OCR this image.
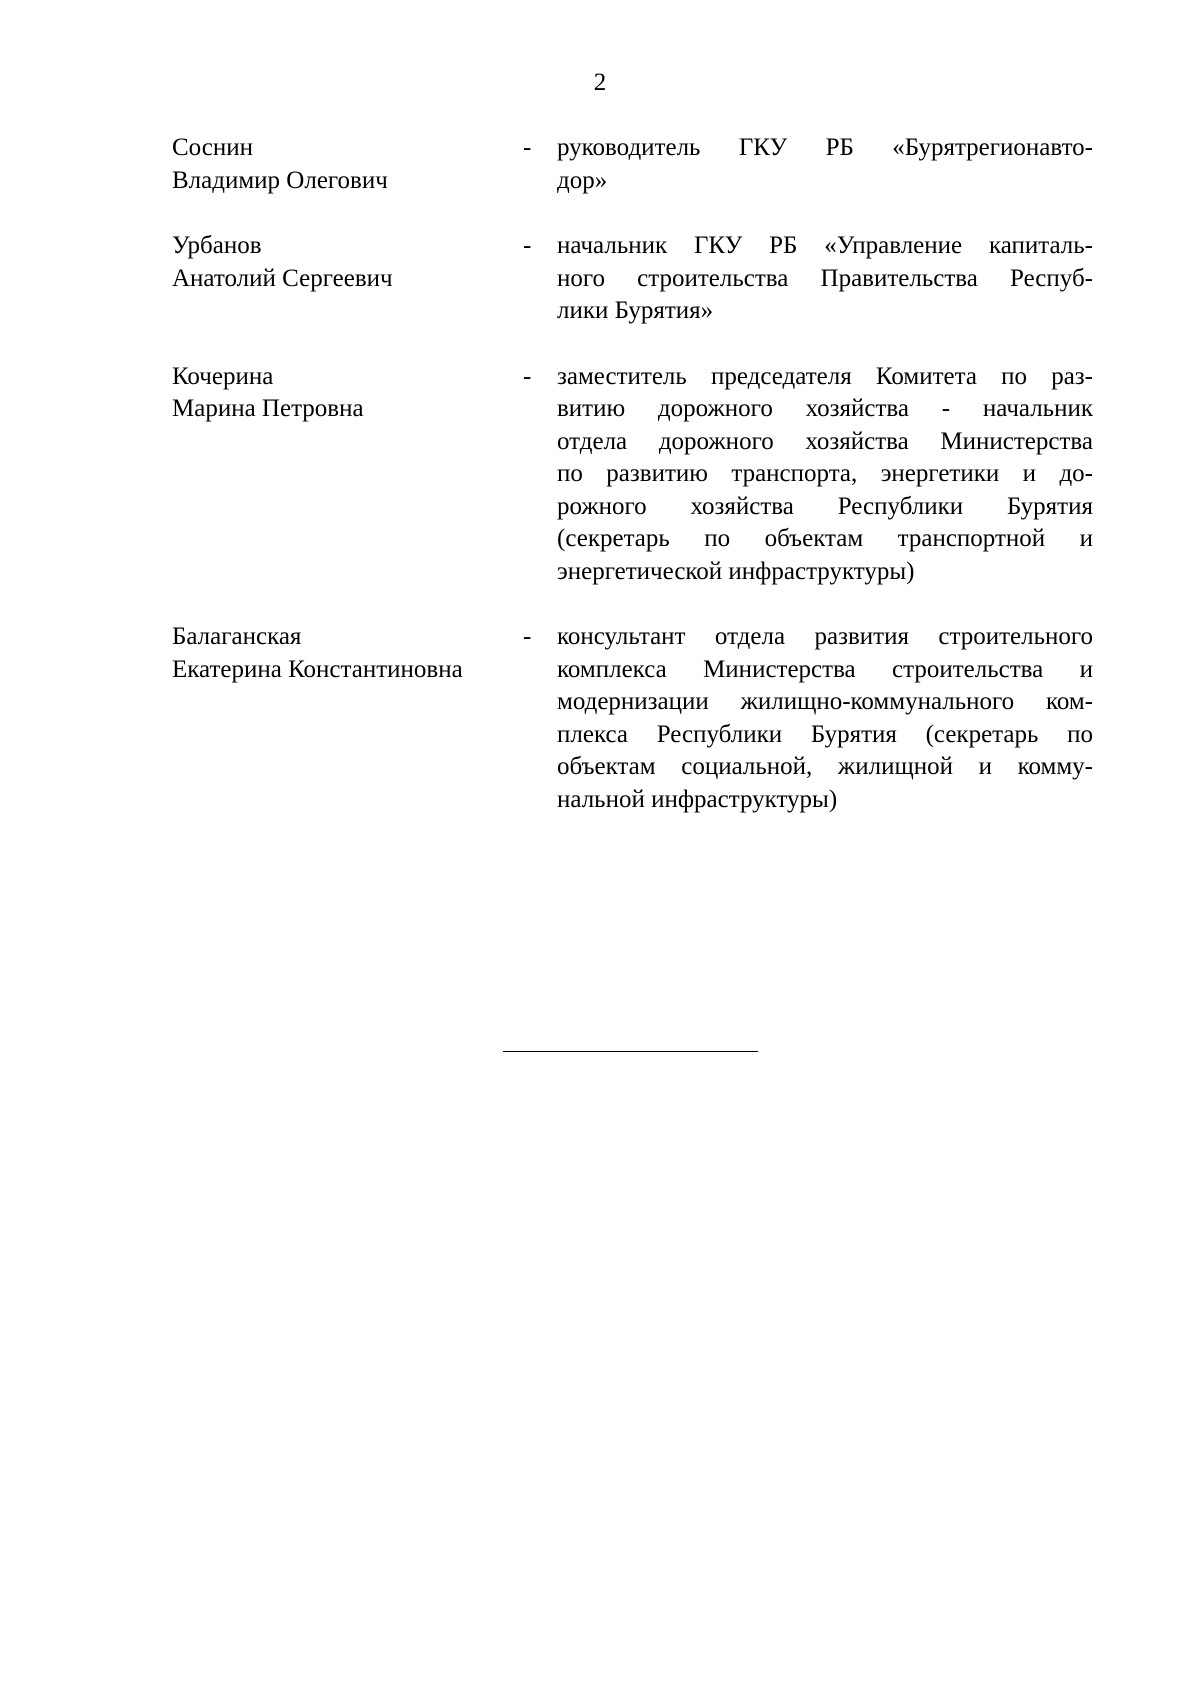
2
Соснин
Владимир Олегович
- руководитель ГКУ РБ «Бурятрегионавто-
дор»
Урбанов
Анатолий Сергеевич
- начальник ГКУ РБ «Управление капиталь-
ного строительства Правительства Респуб-
лики Бурятия»
Кочерина
Марина Петровна
- заместитель председателя Комитета по раз-
витию дорожного хозяйства - начальник
отдела дорожного хозяйства Министерства
по развитию транспорта, энергетики и до-
рожного хозяйства Республики Бурятия
(секретарь по объектам транспортной и
энергетической инфраструктуры)
Балаганская
Екатерина Константиновна
- консультант отдела развития строительного
комплекса Министерства строительства и
модернизации жилищно-коммунального ком-
плекса Республики Бурятия (секретарь по
объектам социальной, жилищной и комму-
нальной инфраструктуры)
